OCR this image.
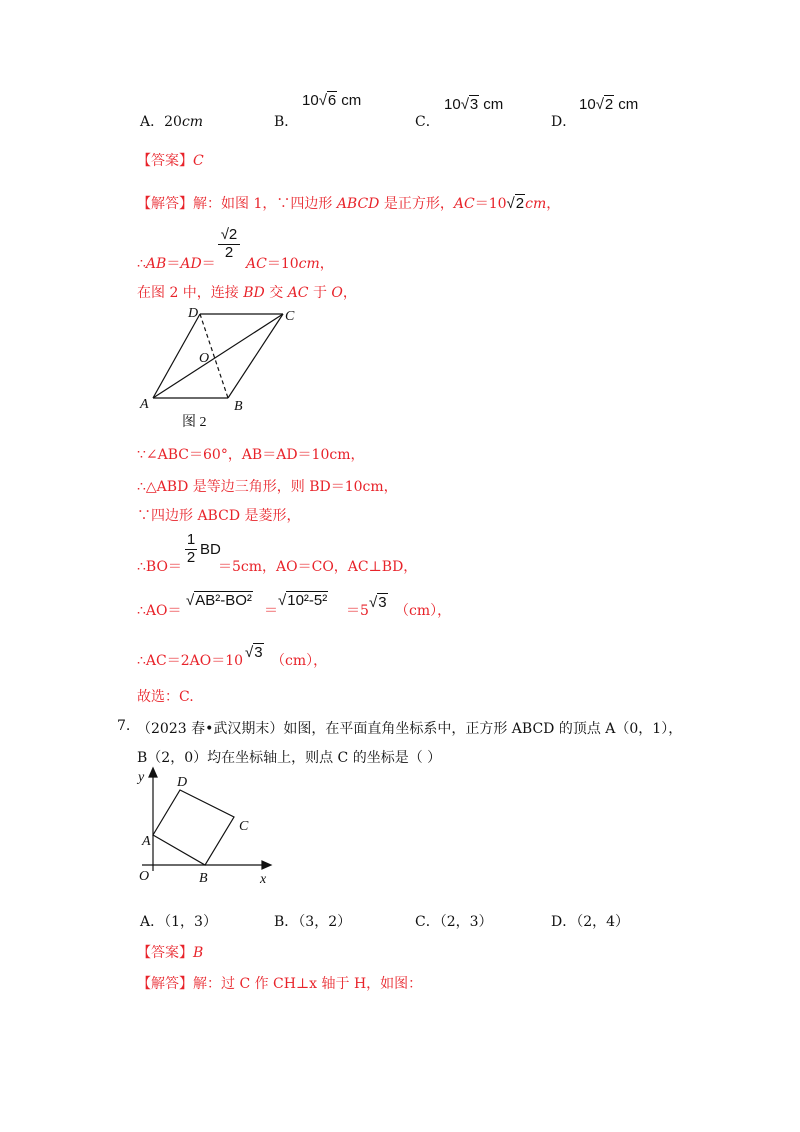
A．20cm	B．
10√6 cm
C．
10√3 cm
D．
10√2 cm
【答案】C
【解答】解：如图 1，∵四边形 ABCD 是正方形，AC＝10√2cm，
∴AB＝AD＝
$\frac{√2}{2}$
AC＝10cm，
在图 2 中，连接 BD 交 AC 于 O，
D	C
O
A	B
图 2
∵∠ABC＝60°，AB＝AD＝10cm，
∴△ABD 是等边三角形，则 BD＝10cm，
∵四边形 ABCD 是菱形，
∴BO＝
$\frac{1}{2}$ BD
＝5cm，AO＝CO，AC⊥BD，
∴AO＝
√AB²-BO²
＝
√10²-5²
＝5 √3 （cm），
∴AC＝2AO＝10 √3 （cm），
故选：C.
7. （2023 春•武汉期末）如图，在平面直角坐标系中，正方形 ABCD 的顶点 A（0，1），
B（2，0）均在坐标轴上，则点 C 的坐标是（ ）
y D
C
A
O	B	x
A．（1，3）	B．（3，2）	C．（2，3）	D．（2，4）
【答案】B
【解答】解：过 C 作 CH⊥x 轴于 H，如图：
